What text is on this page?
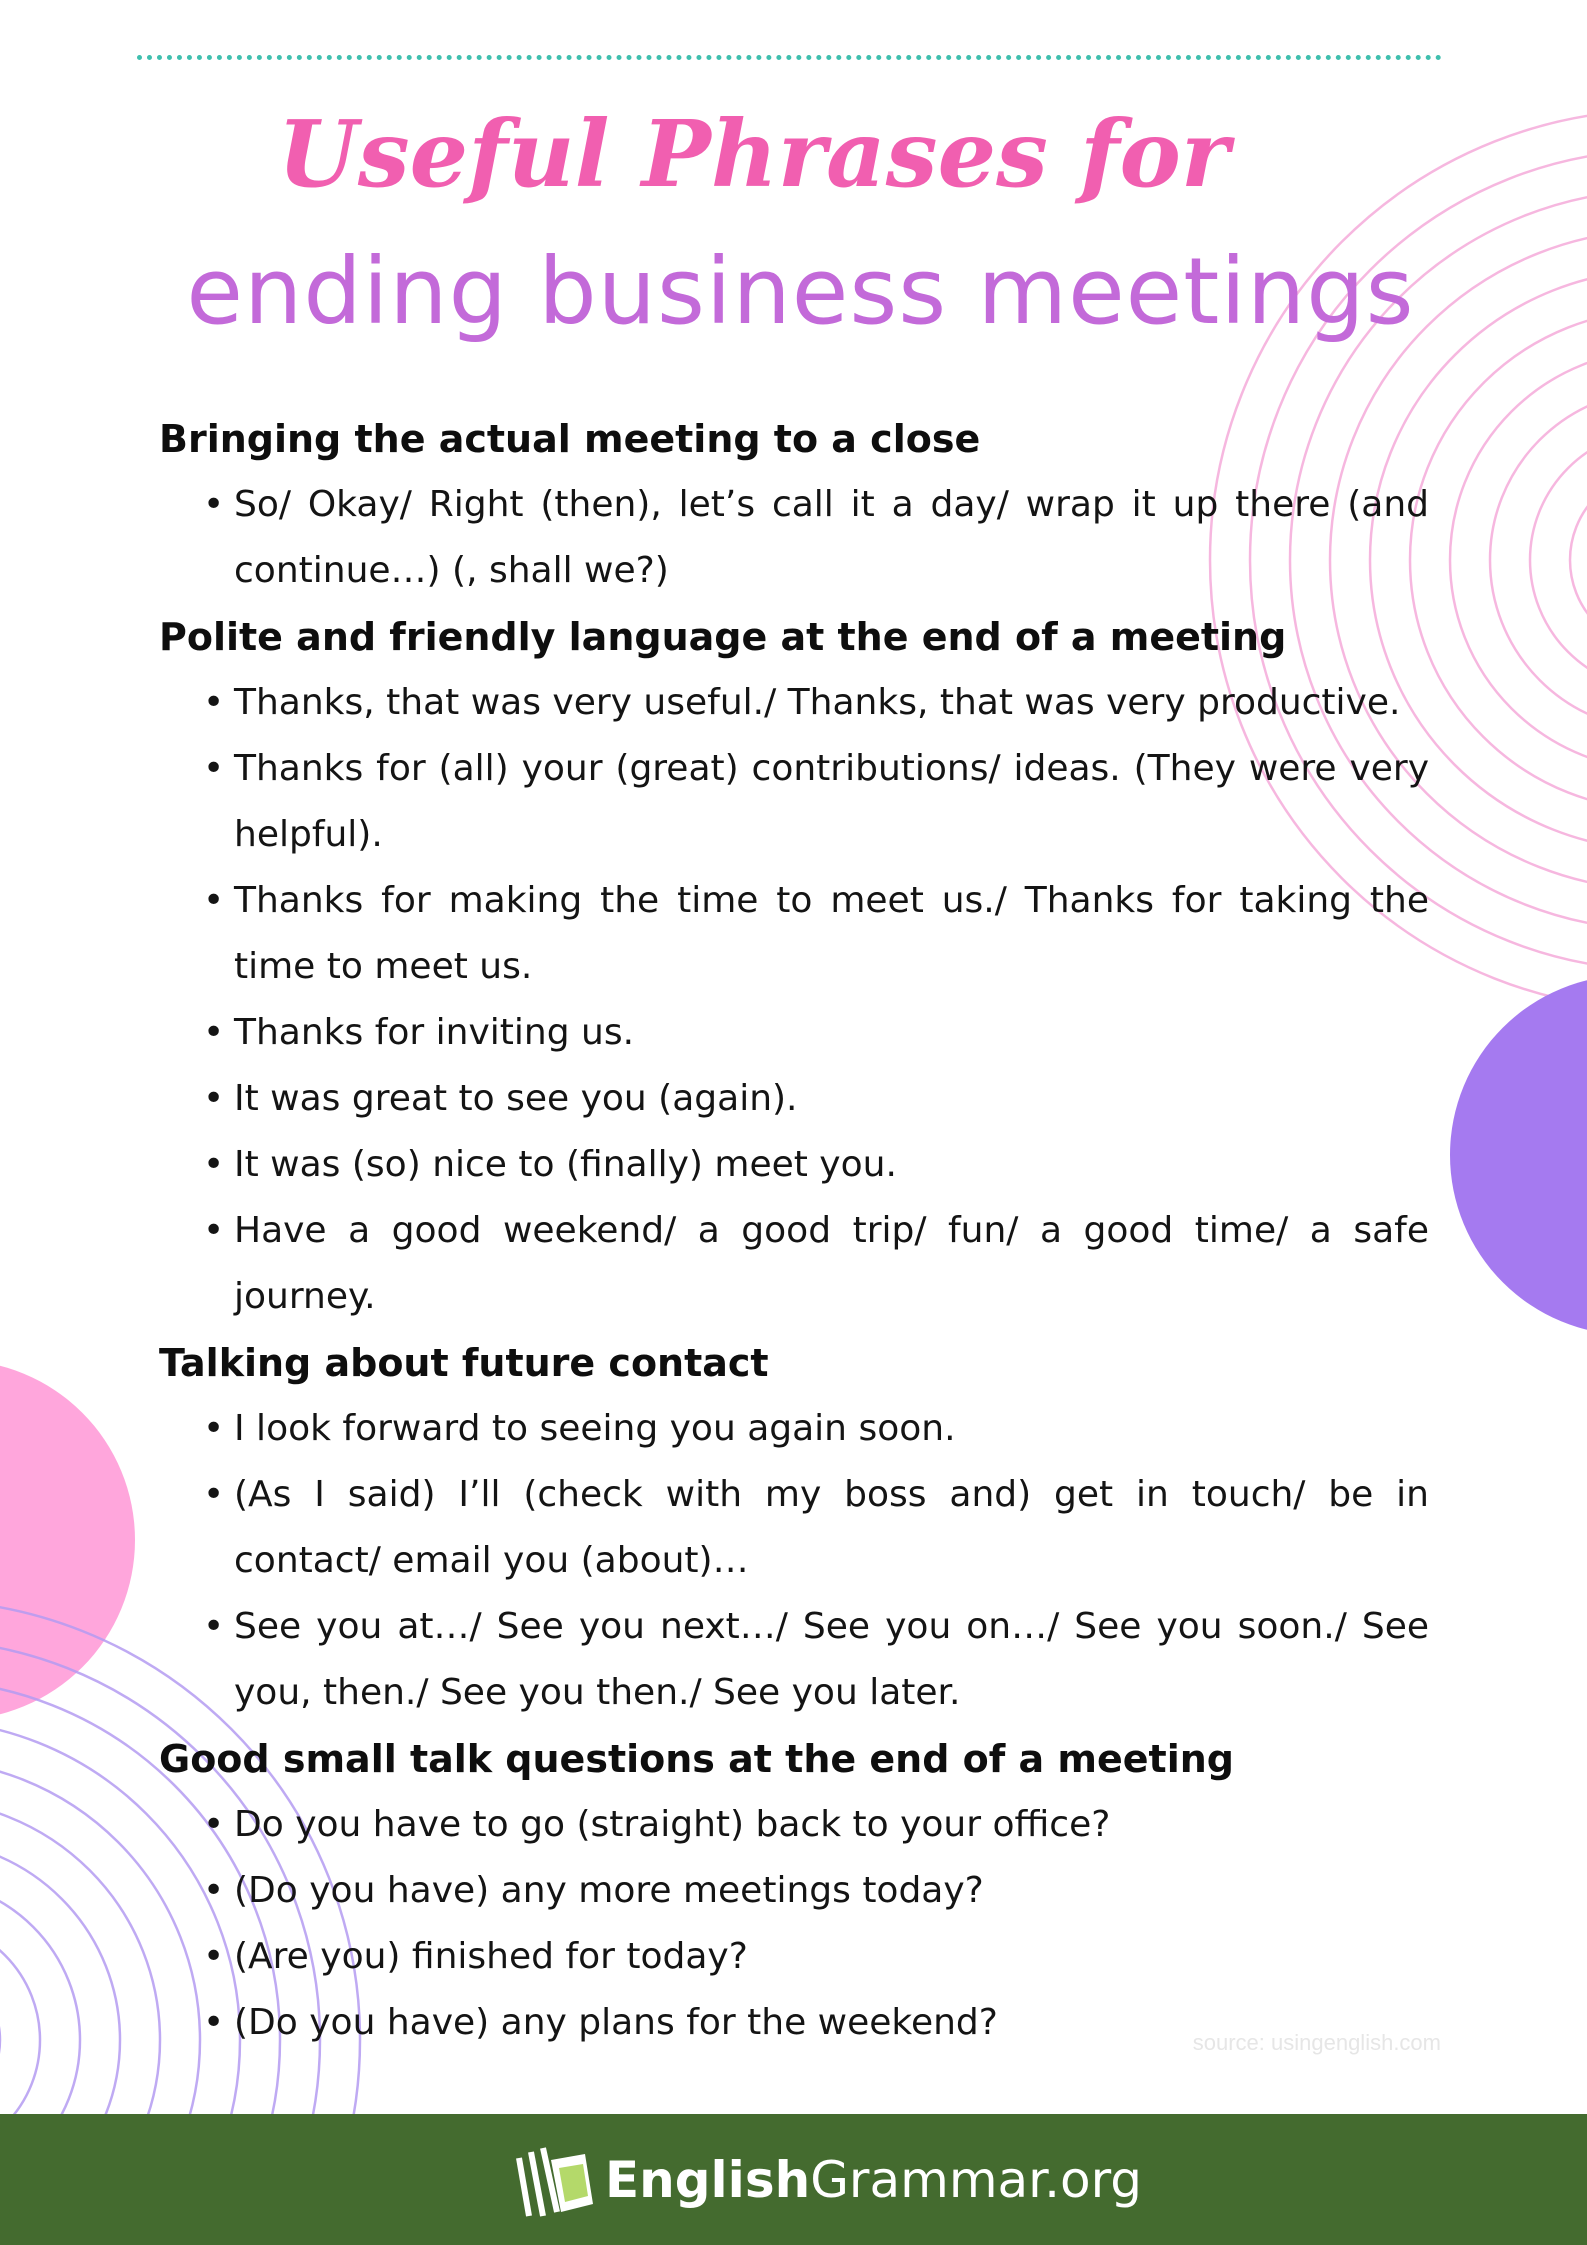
Useful Phrases for
ending business meetings
Bringing the actual meeting to a close
• So/ Okay/ Right (then), let’s call it a day/ wrap it up there (and continue…) (, shall we?)
Polite and friendly language at the end of a meeting
• Thanks, that was very useful./ Thanks, that was very productive.
• Thanks for (all) your (great) contributions/ ideas. (They were very helpful).
• Thanks for making the time to meet us./ Thanks for taking the time to meet us.
• Thanks for inviting us.
• It was great to see you (again).
• It was (so) nice to (finally) meet you.
• Have a good weekend/ a good trip/ fun/ a good time/ a safe journey.
Talking about future contact
• I look forward to seeing you again soon.
• (As I said) I’ll (check with my boss and) get in touch/ be in contact/ email you (about)…
• See you at…/ See you next…/ See you on…/ See you soon./ See you, then./ See you then./ See you later.
Good small talk questions at the end of a meeting
• Do you have to go (straight) back to your office?
• (Do you have) any more meetings today?
• (Are you) finished for today?
• (Do you have) any plans for the weekend?	source: usingenglish.com
English Grammar.org
